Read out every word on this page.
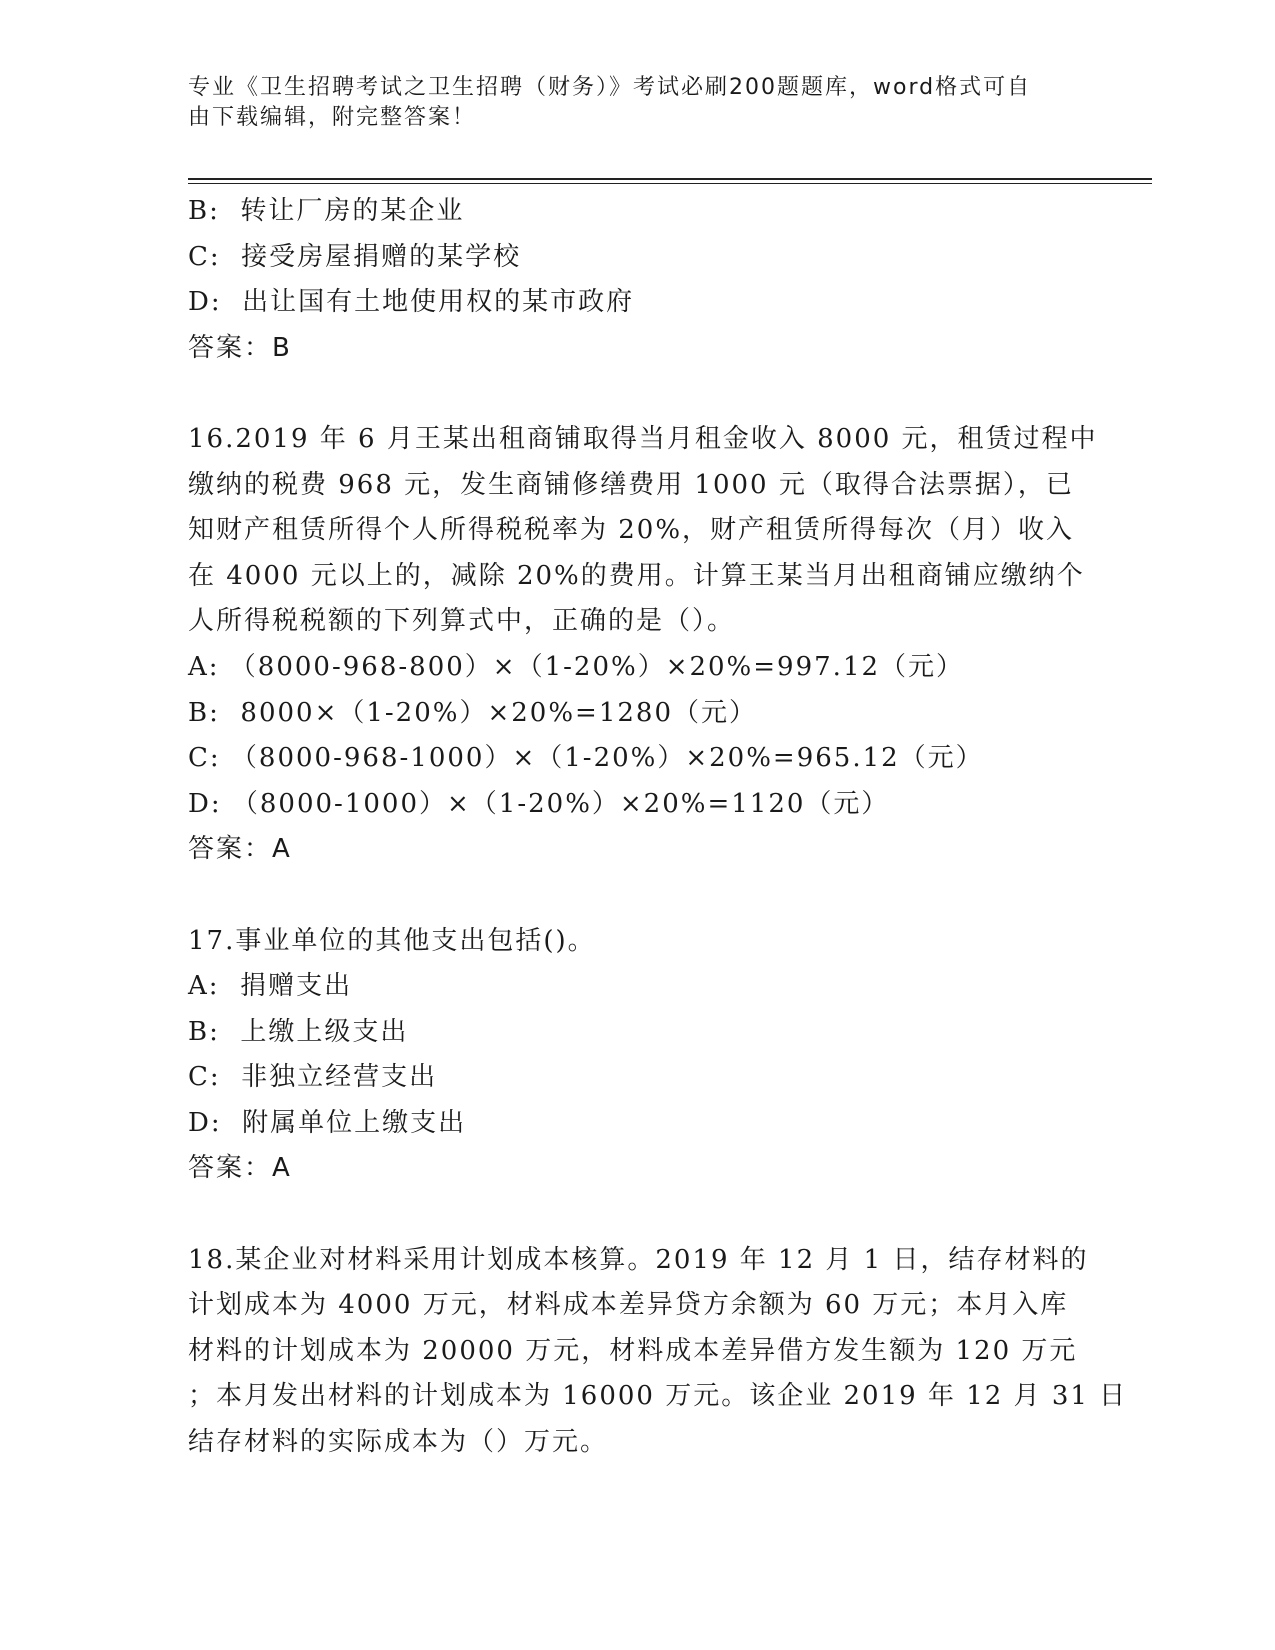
专业《卫生招聘考试之卫生招聘（财务）》考试必刷200题题库，word格式可自
由下载编辑，附完整答案！
B:  转让厂房的某企业
C:  接受房屋捐赠的某学校
D:  出让国有土地使用权的某市政府
答案：B
16.2019 年 6 月王某出租商铺取得当月租金收入 8000 元，租赁过程中
缴纳的税费 968 元，发生商铺修缮费用 1000 元（取得合法票据），已
知财产租赁所得个人所得税税率为 20%，财产租赁所得每次（月）收入
在 4000 元以上的，减除 20%的费用。计算王某当月出租商铺应缴纳个
人所得税税额的下列算式中，正确的是（）。
A: （8000-968-800）×（1-20%）×20%=997.12（元）
B:  8000×（1-20%）×20%=1280（元）
C: （8000-968-1000）×（1-20%）×20%=965.12（元）
D: （8000-1000）×（1-20%）×20%=1120（元）
答案：A
17.事业单位的其他支出包括()。
A:  捐赠支出
B:  上缴上级支出
C:  非独立经营支出
D:  附属单位上缴支出
答案：A
18.某企业对材料采用计划成本核算。2019 年 12 月 1 日，结存材料的
计划成本为 4000 万元，材料成本差异贷方余额为 60 万元；本月入库
材料的计划成本为 20000 万元，材料成本差异借方发生额为 120 万元
；本月发出材料的计划成本为 16000 万元。该企业 2019 年 12 月 31 日
结存材料的实际成本为（）万元。
